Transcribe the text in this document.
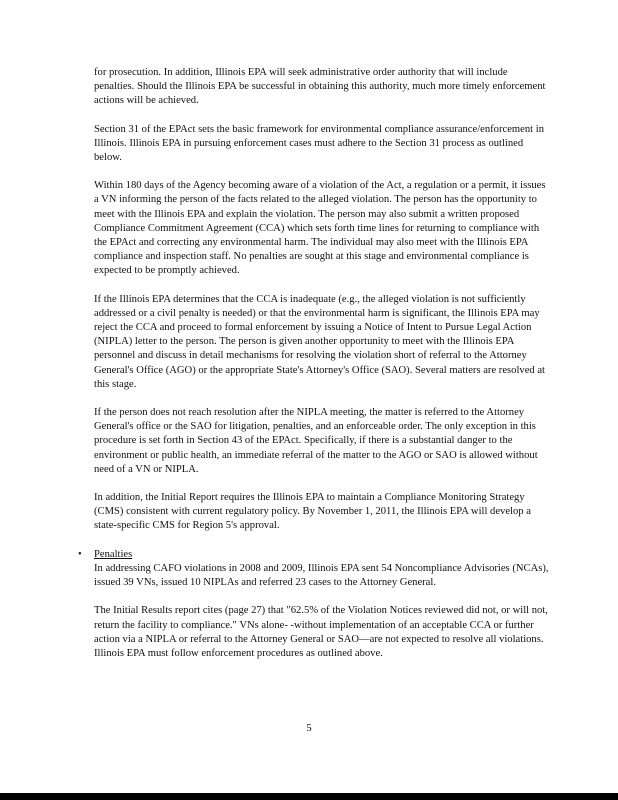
for prosecution. In addition, Illinois EPA will seek administrative order authority that will include penalties. Should the Illinois EPA be successful in obtaining this authority, much more timely enforcement actions will be achieved.

Section 31 of the EPAct sets the basic framework for environmental compliance assurance/enforcement in Illinois. Illinois EPA in pursuing enforcement cases must adhere to the Section 31 process as outlined below.

Within 180 days of the Agency becoming aware of a violation of the Act, a regulation or a permit, it issues a VN informing the person of the facts related to the alleged violation. The person has the opportunity to meet with the Illinois EPA and explain the violation. The person may also submit a written proposed Compliance Commitment Agreement (CCA) which sets forth time lines for returning to compliance with the EPAct and correcting any environmental harm. The individual may also meet with the Illinois EPA compliance and inspection staff. No penalties are sought at this stage and environmental compliance is expected to be promptly achieved.

If the Illinois EPA determines that the CCA is inadequate (e.g., the alleged violation is not sufficiently addressed or a civil penalty is needed) or that the environmental harm is significant, the Illinois EPA may reject the CCA and proceed to formal enforcement by issuing a Notice of Intent to Pursue Legal Action (NIPLA) letter to the person. The person is given another opportunity to meet with the Illinois EPA personnel and discuss in detail mechanisms for resolving the violation short of referral to the Attorney General's Office (AGO) or the appropriate State's Attorney's Office (SAO). Several matters are resolved at this stage.

If the person does not reach resolution after the NIPLA meeting, the matter is referred to the Attorney General's office or the SAO for litigation, penalties, and an enforceable order. The only exception in this procedure is set forth in Section 43 of the EPAct. Specifically, if there is a substantial danger to the environment or public health, an immediate referral of the matter to the AGO or SAO is allowed without need of a VN or NIPLA.

In addition, the Initial Report requires the Illinois EPA to maintain a Compliance Monitoring Strategy (CMS) consistent with current regulatory policy. By November 1, 2011, the Illinois EPA will develop a state-specific CMS for Region 5's approval.

• Penalties

In addressing CAFO violations in 2008 and 2009, Illinois EPA sent 54 Noncompliance Advisories (NCAs), issued 39 VNs, issued 10 NIPLAs and referred 23 cases to the Attorney General.

The Initial Results report cites (page 27) that "62.5% of the Violation Notices reviewed did not, or will not, return the facility to compliance." VNs alone- -without implementation of an acceptable CCA or further action via a NIPLA or referral to the Attorney General or SAO—are not expected to resolve all violations. Illinois EPA must follow enforcement procedures as outlined above.

5
